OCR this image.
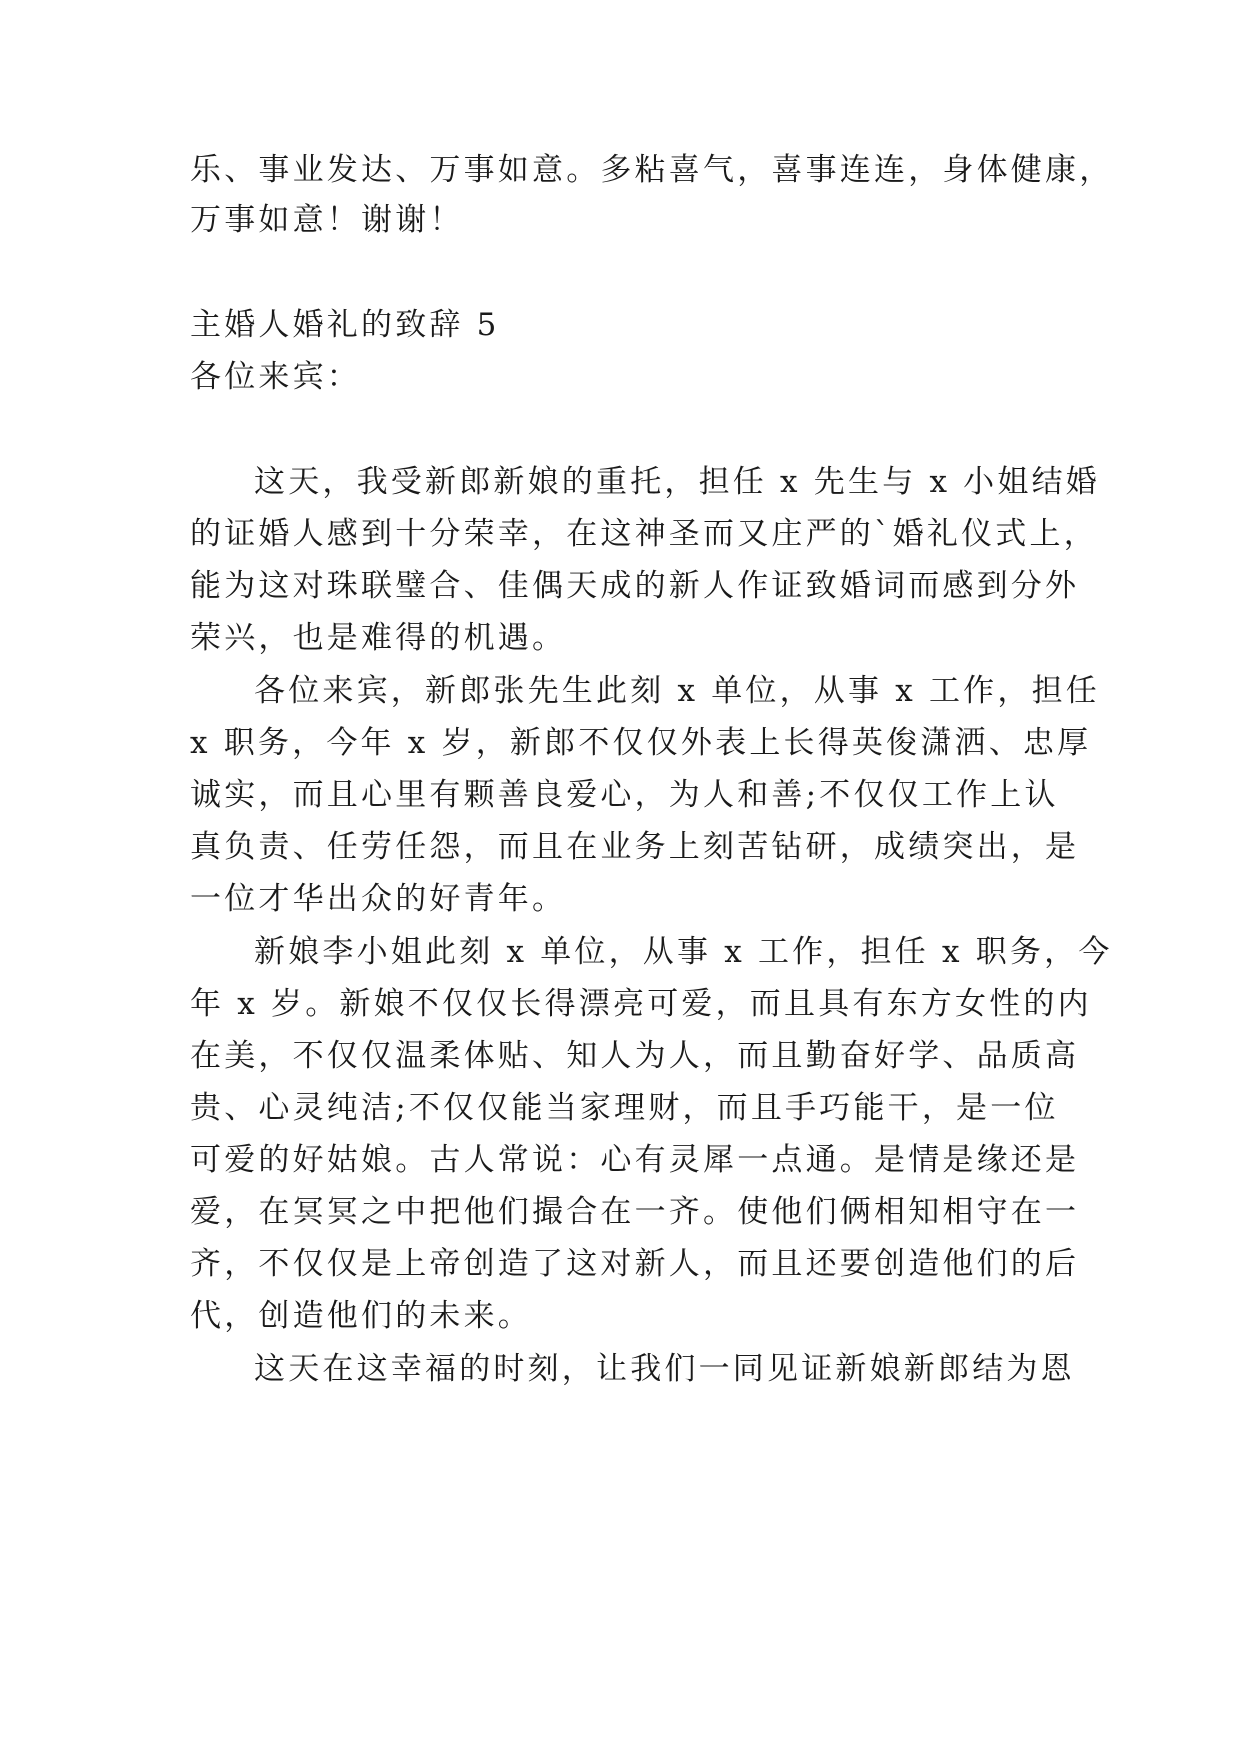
乐、事业发达、万事如意。多粘喜气，喜事连连，身体健康，
万事如意！谢谢！
主婚人婚礼的致辞 5
各位来宾：
这天，我受新郎新娘的重托，担任 x 先生与 x 小姐结婚
的证婚人感到十分荣幸，在这神圣而又庄严的`婚礼仪式上，
能为这对珠联璧合、佳偶天成的新人作证致婚词而感到分外
荣兴，也是难得的机遇。
各位来宾，新郎张先生此刻 x 单位，从事 x 工作，担任
x 职务，今年 x 岁，新郎不仅仅外表上长得英俊潇洒、忠厚
诚实，而且心里有颗善良爱心，为人和善;不仅仅工作上认
真负责、任劳任怨，而且在业务上刻苦钻研，成绩突出，是
一位才华出众的好青年。
新娘李小姐此刻 x 单位，从事 x 工作，担任 x 职务，今
年 x 岁。新娘不仅仅长得漂亮可爱，而且具有东方女性的内
在美，不仅仅温柔体贴、知人为人，而且勤奋好学、品质高
贵、心灵纯洁;不仅仅能当家理财，而且手巧能干，是一位
可爱的好姑娘。古人常说：心有灵犀一点通。是情是缘还是
爱，在冥冥之中把他们撮合在一齐。使他们俩相知相守在一
齐，不仅仅是上帝创造了这对新人，而且还要创造他们的后
代，创造他们的未来。
这天在这幸福的时刻，让我们一同见证新娘新郎结为恩
